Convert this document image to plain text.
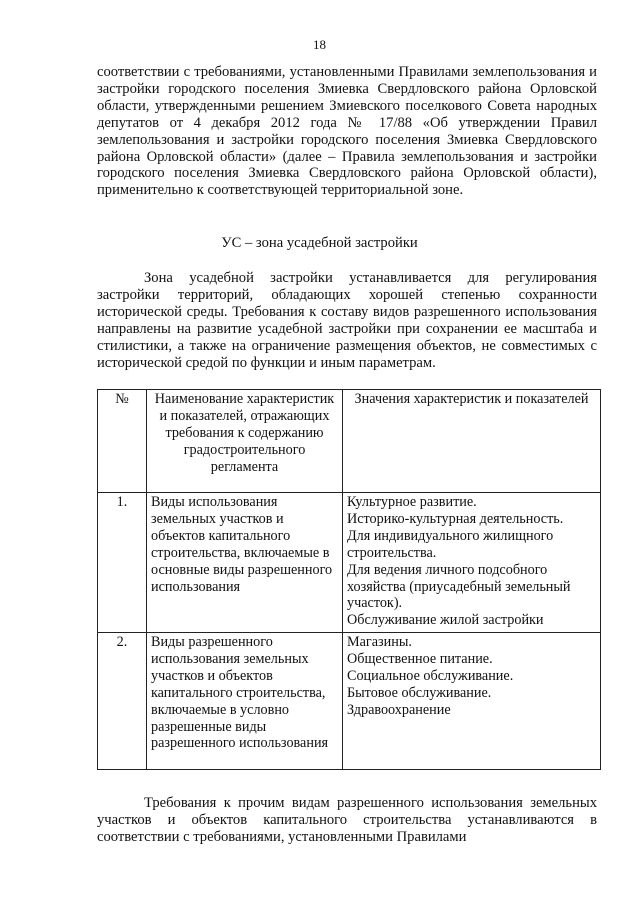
18
соответствии с требованиями, установленными Правилами землепользования и застройки городского поселения Змиевка Свердловского района Орловской области, утвержденными решением Змиевского поселкового Совета народных депутатов от 4 декабря 2012 года № 17/88 «Об утверждении Правил землепользования и застройки городского поселения Змиевка Свердловского района Орловской области» (далее – Правила землепользования и застройки городского поселения Змиевка Свердловского района Орловской области), применительно к соответствующей территориальной зоне.
УС – зона усадебной застройки
Зона усадебной застройки устанавливается для регулирования застройки территорий, обладающих хорошей степенью сохранности исторической среды. Требования к составу видов разрешенного использования направлены на развитие усадебной застройки при сохранении ее масштаба и стилистики, а также на ограничение размещения объектов, не совместимых с исторической средой по функции и иным параметрам.
№	Наименование характеристик и показателей, отражающих требования к содержанию градостроительного регламента	Значения характеристик и показателей
1.	Виды использования земельных участков и объектов капитального строительства, включаемые в основные виды разрешенного использования	Культурное развитие.
Историко-культурная деятельность.
Для индивидуального жилищного строительства.
Для ведения личного подсобного хозяйства (приусадебный земельный участок).
Обслуживание жилой застройки

2.	Виды разрешенного использования земельных участков и объектов капитального строительства, включаемые в условно разрешенные виды разрешенного использования	Магазины.
Общественное питание.
Социальное обслуживание.
Бытовое обслуживание.
Здравоохранение
Требования к прочим видам разрешенного использования земельных участков и объектов капитального строительства устанавливаются в соответствии с требованиями, установленными Правилами
